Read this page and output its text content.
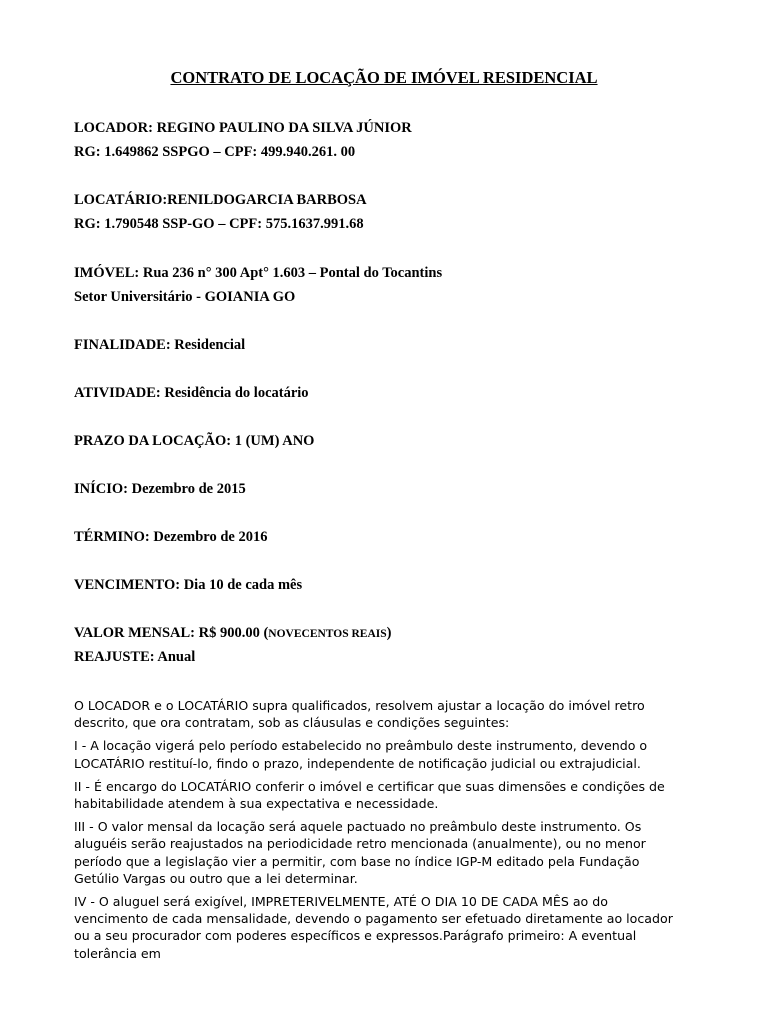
CONTRATO DE LOCAÇÃO DE IMÓVEL RESIDENCIAL
LOCADOR: REGINO PAULINO DA SILVA JÚNIOR
RG: 1.649862 SSPGO – CPF: 499.940.261. 00
LOCATÁRIO:RENILDOGARCIA BARBOSA
RG: 1.790548 SSP-GO – CPF: 575.1637.991.68
IMÓVEL: Rua 236 n° 300 Apt° 1.603 – Pontal do Tocantins
Setor Universitário - GOIANIA GO
FINALIDADE: Residencial
ATIVIDADE: Residência do locatário
PRAZO DA LOCAÇÃO: 1 (UM) ANO
INÍCIO: Dezembro de 2015
TÉRMINO: Dezembro de 2016
VENCIMENTO: Dia 10 de cada mês
VALOR MENSAL: R$ 900.00 (NOVECENTOS REAIS)
REAJUSTE: Anual

O LOCADOR e o LOCATÁRIO supra qualificados, resolvem ajustar a locação do imóvel retro descrito, que ora contratam, sob as cláusulas e condições seguintes:

I - A locação vigerá pelo período estabelecido no preâmbulo deste instrumento, devendo o LOCATÁRIO restituí-lo, findo o prazo, independente de notificação judicial ou extrajudicial.

II - É encargo do LOCATÁRIO conferir o imóvel e certificar que suas dimensões e condições de habitabilidade atendem à sua expectativa e necessidade.

III - O valor mensal da locação será aquele pactuado no preâmbulo deste instrumento. Os aluguéis serão reajustados na periodicidade retro mencionada (anualmente), ou no menor período que a legislação vier a permitir, com base no índice IGP-M editado pela Fundação Getúlio Vargas ou outro que a lei determinar.

IV - O aluguel será exigível, IMPRETERIVELMENTE, ATÉ O DIA 10 DE CADA MÊS ao do vencimento de cada mensalidade, devendo o pagamento ser efetuado diretamente ao locador ou a seu procurador com poderes específicos e expressos.Parágrafo primeiro: A eventual tolerância em
